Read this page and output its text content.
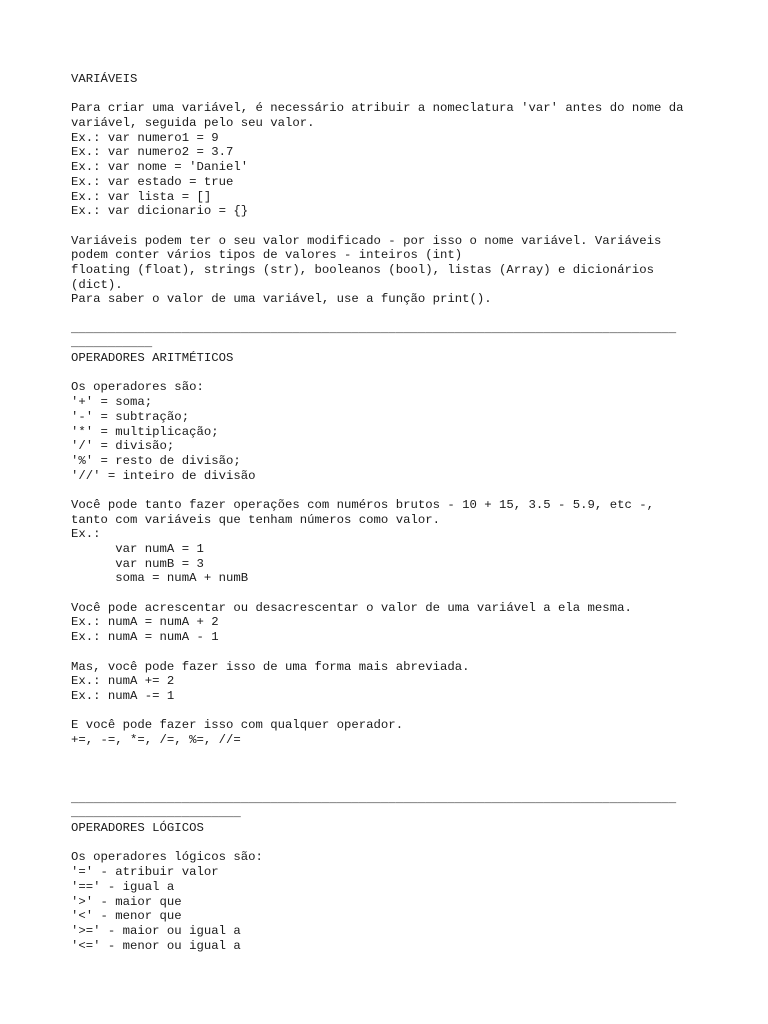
VARIÁVEIS
Para criar uma variável, é necessário atribuir a nomeclatura 'var' antes do nome da
variável, seguida pelo seu valor.
Ex.: var numero1 = 9
Ex.: var numero2 = 3.7
Ex.: var nome = 'Daniel'
Ex.: var estado = true
Ex.: var lista = []
Ex.: var dicionario = {}
Variáveis podem ter o seu valor modificado - por isso o nome variável. Variáveis
podem conter vários tipos de valores - inteiros (int)
floating (float), strings (str), booleanos (bool), listas (Array) e dicionários
(dict).
Para saber o valor de uma variável, use a função print().
__________________________________________________________________________________
___________
OPERADORES ARITMÉTICOS
Os operadores são:
'+' = soma;
'-' = subtração;
'*' = multiplicação;
'/' = divisão;
'%' = resto de divisão;
'//' = inteiro de divisão
Você pode tanto fazer operações com numéros brutos - 10 + 15, 3.5 - 5.9, etc -,
tanto com variáveis que tenham números como valor.
Ex.:
var numA = 1
var numB = 3
soma = numA + numB
Você pode acrescentar ou desacrescentar o valor de uma variável a ela mesma.
Ex.: numA = numA + 2
Ex.: numA = numA - 1
Mas, você pode fazer isso de uma forma mais abreviada.
Ex.: numA += 2
Ex.: numA -= 1
E você pode fazer isso com qualquer operador.
+=, -=, *=, /=, %=, //=
__________________________________________________________________________________
_______________________
OPERADORES LÓGICOS
Os operadores lógicos são:
'=' - atribuir valor
'==' - igual a
'>' - maior que
'<' - menor que
'>=' - maior ou igual a
'<=' - menor ou igual a
